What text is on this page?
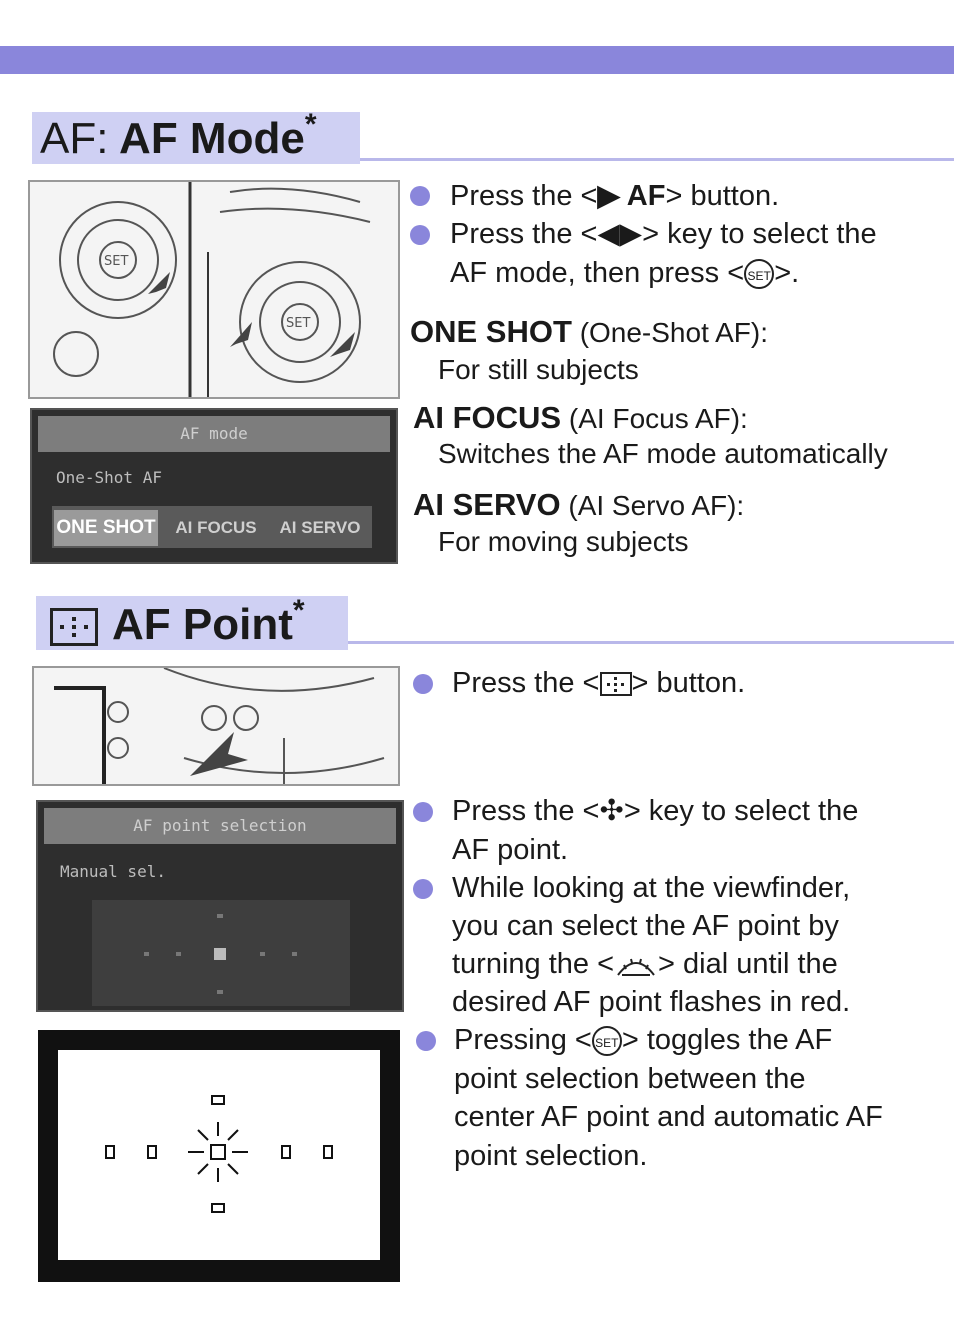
AF: AF Mode*
SET
SET
AF mode
One-Shot AF
ONE SHOT	AI FOCUS	AI SERVO
Press the <▶ AF> button.
Press the <◀▶> key to select the
AF mode, then press < SET >.
ONE SHOT (One-Shot AF):
For still subjects
AI FOCUS (AI Focus AF):
Switches the AF mode automatically
AI SERVO (AI Servo AF):
For moving subjects
AF Point*
AF point selection
Manual sel.
Press the < > button.
Press the <✣> key to select the
AF point.
While looking at the viewfinder,
you can select the AF point by
turning the < > dial until the
desired AF point flashes in red.
Pressing < SET > toggles the AF
point selection between the
center AF point and automatic AF
point selection.
